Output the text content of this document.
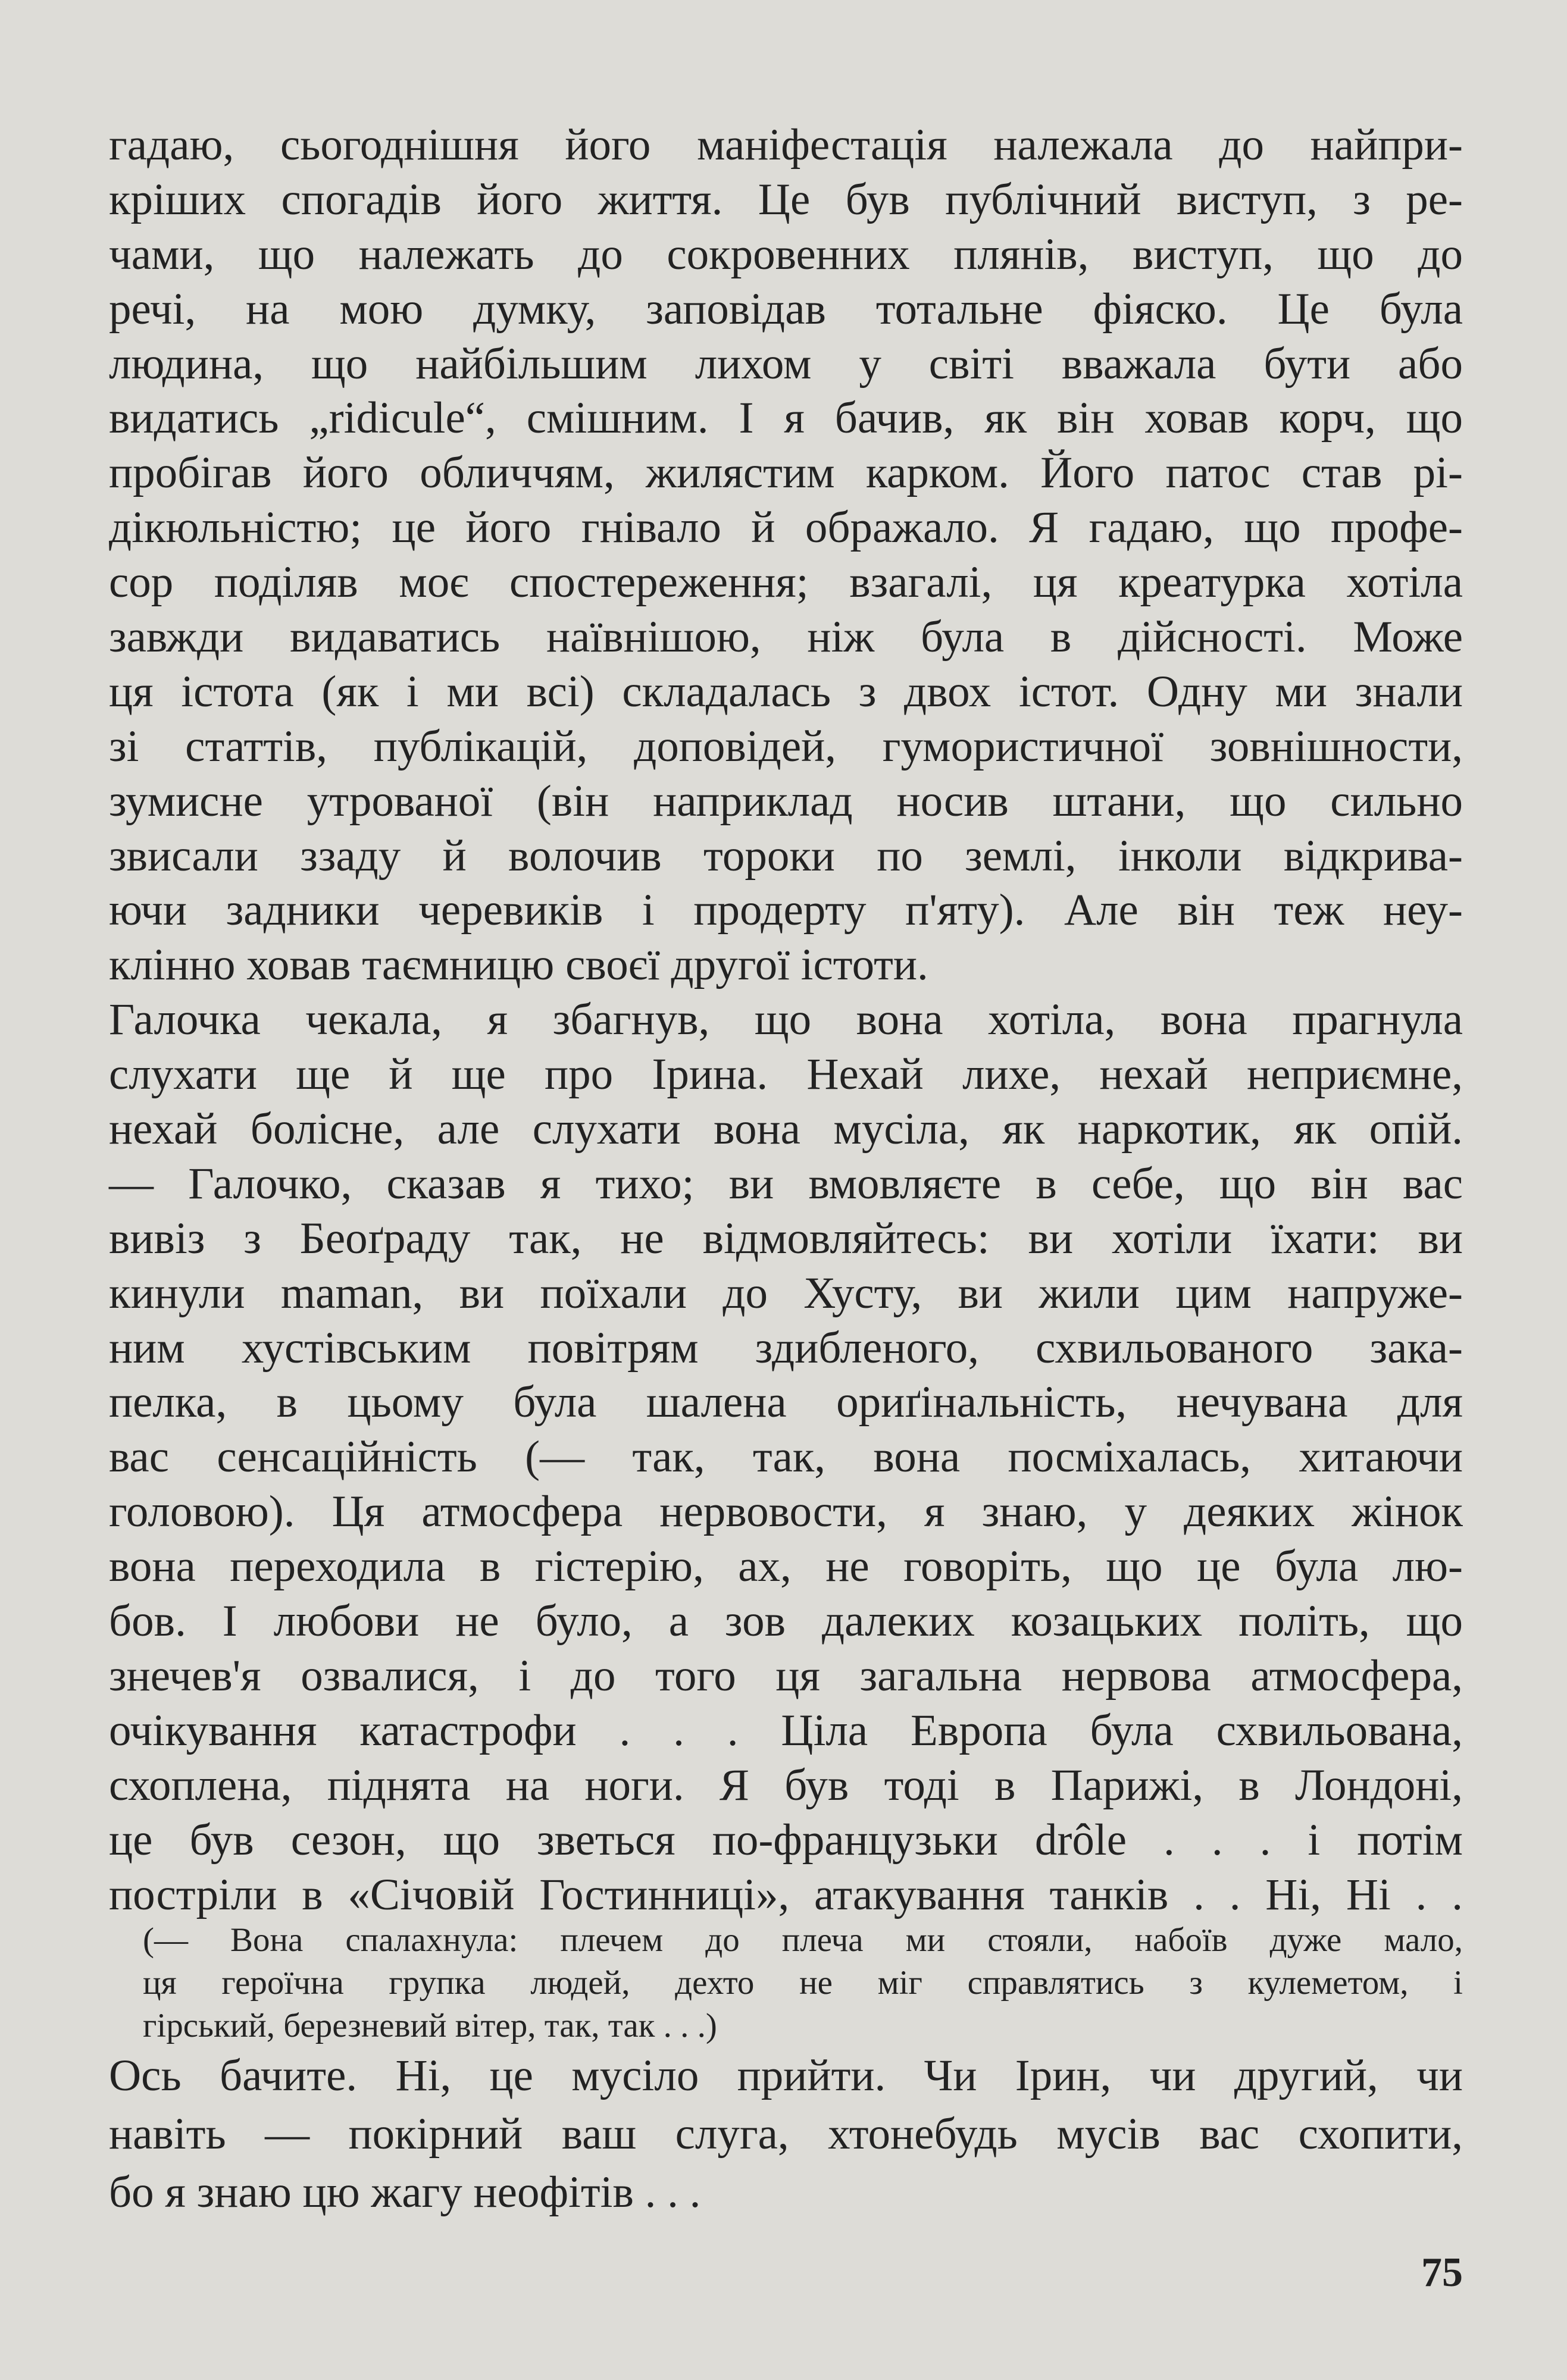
гадаю, сьогоднішня його маніфестація належала до найпри-
кріших спогадів його життя. Це був публічний виступ, з ре-
чами, що належать до сокровенних плянів, виступ, що до
речі, на мою думку, заповідав тотальне фіяско. Це була
людина, що найбільшим лихом у світі вважала бути або
видатись „ridicule“, смішним. І я бачив, як він ховав корч, що
пробігав його обличчям, жилястим карком. Його патос став рі-
дікюльністю; це його гнівало й ображало. Я гадаю, що профе-
сор поділяв моє спостереження; взагалі, ця креатурка хотіла
завжди видаватись наївнішою, ніж була в дійсності. Може
ця істота (як і ми всі) складалась з двох істот. Одну ми знали
зі статтів, публікацій, доповідей, гумористичної зовнішности,
зумисне утрованої (він наприклад носив штани, що сильно
звисали ззаду й волочив тороки по землі, інколи відкрива-
ючи задники черевиків і продерту п'яту). Але він теж неу-
клінно ховав таємницю своєї другої істоти.
Галочка чекала, я збагнув, що вона хотіла, вона прагнула
слухати ще й ще про Ірина. Нехай лихе, нехай неприємне,
нехай болісне, але слухати вона мусіла, як наркотик, як опій.
— Галочко, сказав я тихо; ви вмовляєте в себе, що він вас
вивіз з Беоґраду так, не відмовляйтесь: ви хотіли їхати: ви
кинули maman, ви поїхали до Хусту, ви жили цим напруже-
ним хустівським повітрям здибленого, схвильованого зака-
пелка, в цьому була шалена ориґінальність, нечувана для
вас сенсаційність (— так, так, вона посміхалась, хитаючи
головою). Ця атмосфера нервовости, я знаю, у деяких жінок
вона переходила в гістерію, ах, не говоріть, що це була лю-
бов. І любови не було, а зов далеких козацьких політь, що
знечев'я озвалися, і до того ця загальна нервова атмосфера,
очікування катастрофи . . . Ціла Европа була схвильована,
схоплена, піднята на ноги. Я був тоді в Парижі, в Лондоні,
це був сезон, що зветься по-французьки drôle . . . і потім
постріли в «Січовій Гостинниці», атакування танків . . Ні, Ні . .
(— Вона спалахнула: плечем до плеча ми стояли, набоїв дуже мало,
ця героїчна групка людей, дехто не міг справлятись з кулеметом, і
гірський, березневий вітер, так, так . . .)
Ось бачите. Ні, це мусіло прийти. Чи Ірин, чи другий, чи
навіть — покірний ваш слуга, хтонебудь мусів вас схопити,
бо я знаю цю жагу неофітів . . .
75
